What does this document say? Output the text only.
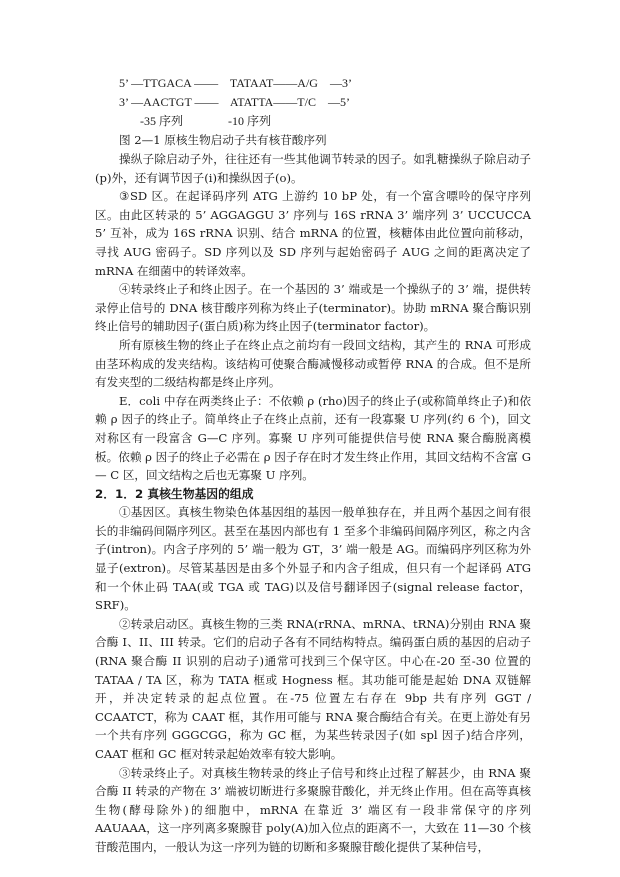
5’ —TTGACA ——    TATAAT——A/G    —3’
3’ —AACTGT ——    ATATTA——T/C    —5’
-35 序列               -10 序列
图 2—1 原核生物启动子共有核苷酸序列

操纵子除启动子外，往往还有一些其他调节转录的因子。如乳糖操纵子除启动子(p)外，还有调节因子(i)和操纵因子(o)。

③SD 区。在起译码序列 ATG 上游约 10 bP 处，有一个富含嘌呤的保守序列区。由此区转录的 5’ AGGAGGU 3’ 序列与 16S rRNA 3’ 端序列 3’ UCCUCCA 5’ 互补，成为 16S rRNA 识别、结合 mRNA 的位置，核糖体由此位置向前移动，寻找 AUG 密码子。SD 序列以及 SD 序列与起始密码子 AUG 之间的距离决定了 mRNA 在细菌中的转译效率。

④转录终止子和终止因子。在一个基因的 3’ 端或是一个操纵子的 3’ 端，提供转录停止信号的 DNA 核苷酸序列称为终止子(terminator)。协助 mRNA 聚合酶识别终止信号的辅助因子(蛋白质)称为终止因子(terminator factor)。

所有原核生物的终止子在终止点之前均有一段回文结构，其产生的 RNA 可形成由茎环构成的发夹结构。该结构可使聚合酶减慢移动或暂停 RNA 的合成。但不是所有发夹型的二级结构都是终止序列。

E．coli 中存在两类终止子：不依赖 ρ (rho)因子的终止子(或称简单终止子)和依赖 ρ 因子的终止子。简单终止子在终止点前，还有一段寡聚 U 序列(约 6 个)，回文对称区有一段富含 G—C 序列。寡聚 U 序列可能提供信号使 RNA 聚合酶脱离模板。依赖 ρ 因子的终止子必需在 ρ 因子存在时才发生终止作用，其回文结构不含富 G — C 区，回文结构之后也无寡聚 U 序列。

2．1．2 真核生物基因的组成

①基因区。真核生物染色体基因组的基因一般单独存在，并且两个基因之间有很长的非编码间隔序列区。甚至在基因内部也有 1 至多个非编码间隔序列区，称之内含子(intron)。内含子序列的 5’ 端一般为 GT，3’ 端一般是 AG。而编码序列区称为外显子(extron)。尽管某基因是由多个外显子和内含子组成，但只有一个起译码 ATG 和一个休止码 TAA(或 TGA 或 TAG)以及信号翻译因子(signal release factor，SRF)。

②转录启动区。真核生物的三类 RNA(rRNA、mRNA、tRNA)分别由 RNA 聚合酶 I、II、III 转录。它们的启动子各有不同结构特点。编码蛋白质的基因的启动子(RNA 聚合酶 II 识别的启动子)通常可找到三个保守区。中心在-20 至-30 位置的 TATAA / TA 区，称为 TATA 框或 Hogness 框。其功能可能是起始 DNA 双链解开，并决定转录的起点位置。在-75 位置左右存在 9bp 共有序列 GGT / CCAATCT，称为 CAAT 框，其作用可能与 RNA 聚合酶结合有关。在更上游处有另一个共有序列 GGGCGG，称为 GC 框，为某些转录因子(如 spl 因子)结合序列，CAAT 框和 GC 框对转录起始效率有较大影响。

③转录终止子。对真核生物转录的终止子信号和终止过程了解甚少，由 RNA 聚合酶 II 转录的产物在 3’ 端被切断进行多聚腺苷酸化，并无终止作用。但在高等真核生物(酵母除外)的细胞中，mRNA 在靠近 3’ 端区有一段非常保守的序列 AAUAAA，这一序列离多聚腺苷 poly(A)加入位点的距离不一，大致在 11—30 个核苷酸范围内，一般认为这一序列为链的切断和多聚腺苷酸化提供了某种信号，
